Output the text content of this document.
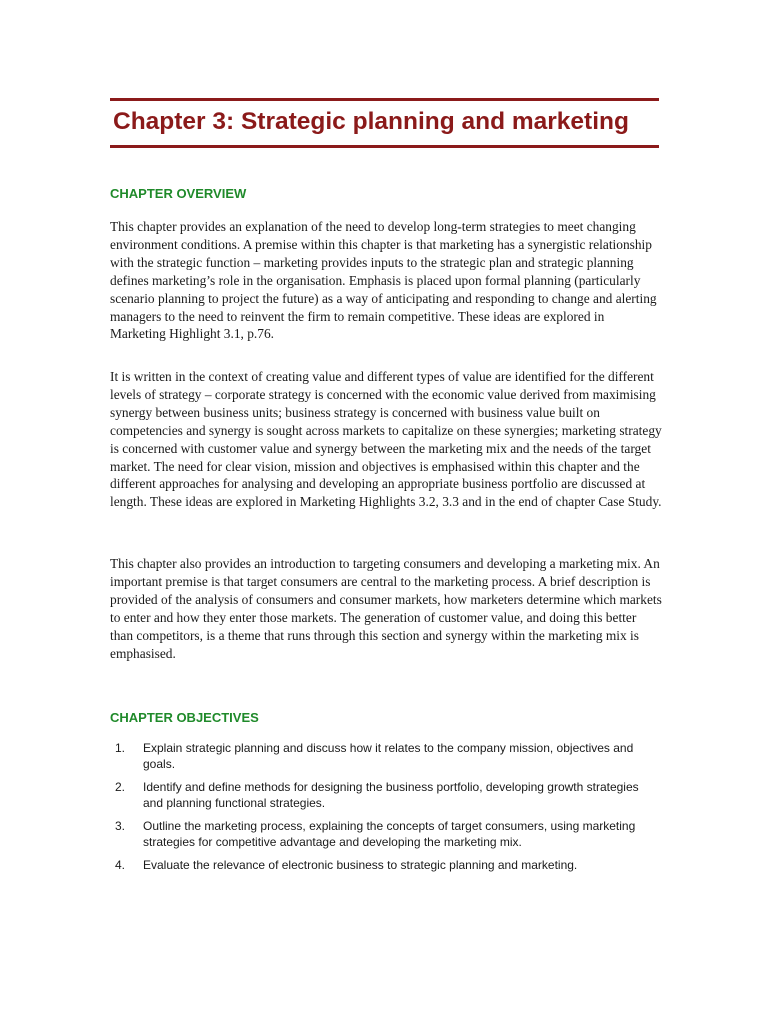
Chapter 3: Strategic planning and marketing
CHAPTER OVERVIEW

This chapter provides an explanation of the need to develop long-term strategies to meet changing environment conditions. A premise within this chapter is that marketing has a synergistic relationship with the strategic function – marketing provides inputs to the strategic plan and strategic planning defines marketing’s role in the organisation. Emphasis is placed upon formal planning (particularly scenario planning to project the future) as a way of anticipating and responding to change and alerting managers to the need to reinvent the firm to remain competitive. These ideas are explored in Marketing Highlight 3.1, p.76.

It is written in the context of creating value and different types of value are identified for the different levels of strategy – corporate strategy is concerned with the economic value derived from maximising synergy between business units; business strategy is concerned with business value built on competencies and synergy is sought across markets to capitalize on these synergies; marketing strategy is concerned with customer value and synergy between the marketing mix and the needs of the target market. The need for clear vision, mission and objectives is emphasised within this chapter and the different approaches for analysing and developing an appropriate business portfolio are discussed at length. These ideas are explored in Marketing Highlights 3.2, 3.3 and in the end of chapter Case Study.

This chapter also provides an introduction to targeting consumers and developing a marketing mix. An important premise is that target consumers are central to the marketing process. A brief description is provided of the analysis of consumers and consumer markets, how marketers determine which markets to enter and how they enter those markets. The generation of customer value, and doing this better than competitors, is a theme that runs through this section and synergy within the marketing mix is emphasised.

CHAPTER OBJECTIVES
1. Explain strategic planning and discuss how it relates to the company mission, objectives and goals.
2. Identify and define methods for designing the business portfolio, developing growth strategies and planning functional strategies.
3. Outline the marketing process, explaining the concepts of target consumers, using marketing strategies for competitive advantage and developing the marketing mix.
4. Evaluate the relevance of electronic business to strategic planning and marketing.
